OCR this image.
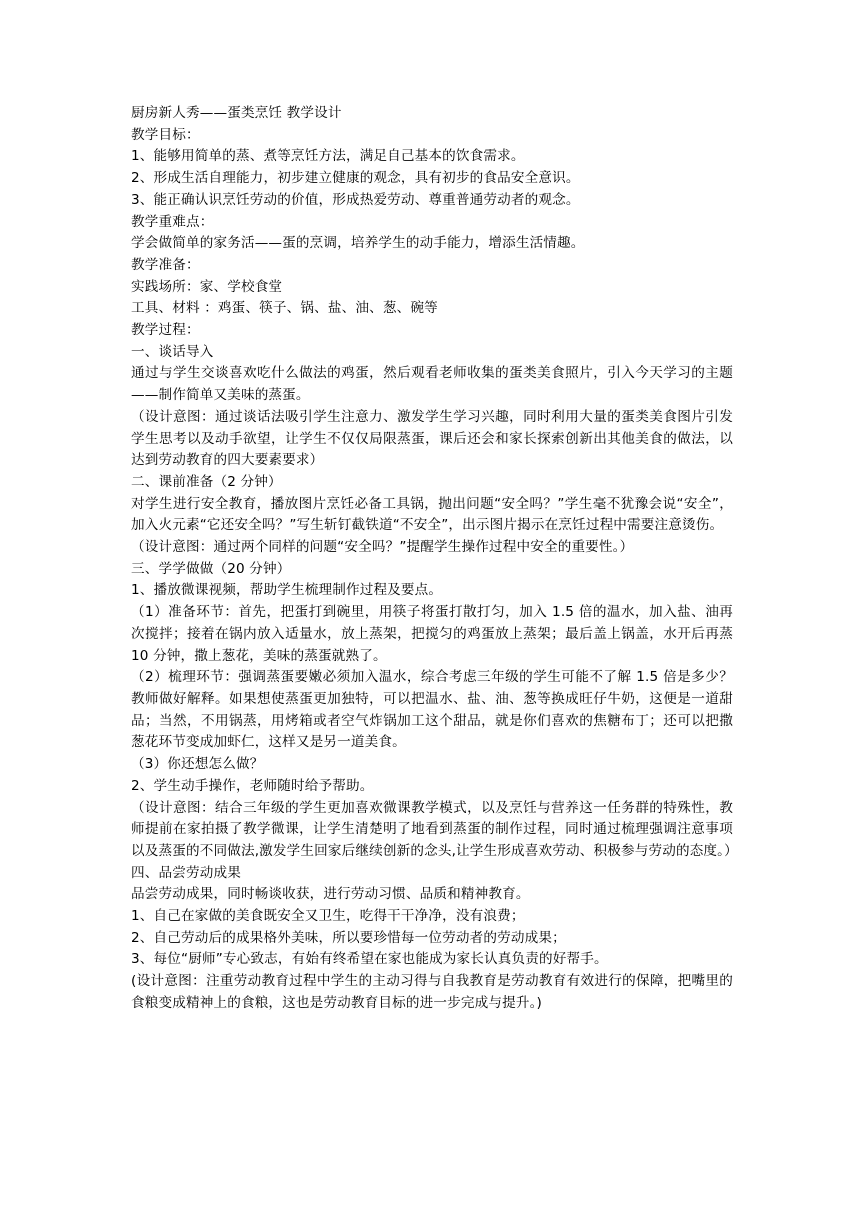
厨房新人秀——蛋类烹饪 教学设计

教学目标：

1、能够用简单的蒸、煮等烹饪方法，满足自己基本的饮食需求。

2、形成生活自理能力，初步建立健康的观念，具有初步的食品安全意识。

3、能正确认识烹饪劳动的价值，形成热爱劳动、尊重普通劳动者的观念。

教学重难点：

学会做简单的家务活——蛋的烹调，培养学生的动手能力，增添生活情趣。

教学准备：

实践场所：家、学校食堂

工具、材料 ：鸡蛋、筷子、锅、盐、油、葱、碗等

教学过程：

一、谈话导入

通过与学生交谈喜欢吃什么做法的鸡蛋，然后观看老师收集的蛋类美食照片，引入今天学习的主题——制作简单又美味的蒸蛋。

（设计意图：通过谈话法吸引学生注意力、激发学生学习兴趣，同时利用大量的蛋类美食图片引发学生思考以及动手欲望，让学生不仅仅局限蒸蛋，课后还会和家长探索创新出其他美食的做法，以达到劳动教育的四大要素要求）

二、课前准备（2 分钟）

对学生进行安全教育，播放图片烹饪必备工具锅，抛出问题“安全吗？”学生毫不犹豫会说“安全”，加入火元素“它还安全吗？”写生斩钉截铁道“不安全”，出示图片揭示在烹饪过程中需要注意烫伤。

（设计意图：通过两个同样的问题“安全吗？”提醒学生操作过程中安全的重要性。）

三、学学做做（20 分钟）

1、播放微课视频，帮助学生梳理制作过程及要点。

（1）准备环节：首先，把蛋打到碗里，用筷子将蛋打散打匀，加入 1.5 倍的温水，加入盐、油再次搅拌；接着在锅内放入适量水，放上蒸架，把搅匀的鸡蛋放上蒸架；最后盖上锅盖，水开后再蒸 10 分钟，撒上葱花，美味的蒸蛋就熟了。

（2）梳理环节：强调蒸蛋要嫩必须加入温水，综合考虑三年级的学生可能不了解 1.5 倍是多少？教师做好解释。如果想使蒸蛋更加独特，可以把温水、盐、油、葱等换成旺仔牛奶，这便是一道甜品；当然，不用锅蒸，用烤箱或者空气炸锅加工这个甜品，就是你们喜欢的焦糖布丁；还可以把撒葱花环节变成加虾仁，这样又是另一道美食。

（3）你还想怎么做？

2、学生动手操作，老师随时给予帮助。

（设计意图：结合三年级的学生更加喜欢微课教学模式，以及烹饪与营养这一任务群的特殊性，教师提前在家拍摄了教学微课，让学生清楚明了地看到蒸蛋的制作过程，同时通过梳理强调注意事项以及蒸蛋的不同做法,激发学生回家后继续创新的念头,让学生形成喜欢劳动、积极参与劳动的态度。）

四、品尝劳动成果

品尝劳动成果，同时畅谈收获，进行劳动习惯、品质和精神教育。

1、自己在家做的美食既安全又卫生，吃得干干净净，没有浪费；

2、自己劳动后的成果格外美味，所以要珍惜每一位劳动者的劳动成果；

3、每位“厨师”专心致志，有始有终希望在家也能成为家长认真负责的好帮手。

(设计意图：注重劳动教育过程中学生的主动习得与自我教育是劳动教育有效进行的保障，把嘴里的食粮变成精神上的食粮，这也是劳动教育目标的进一步完成与提升。)
